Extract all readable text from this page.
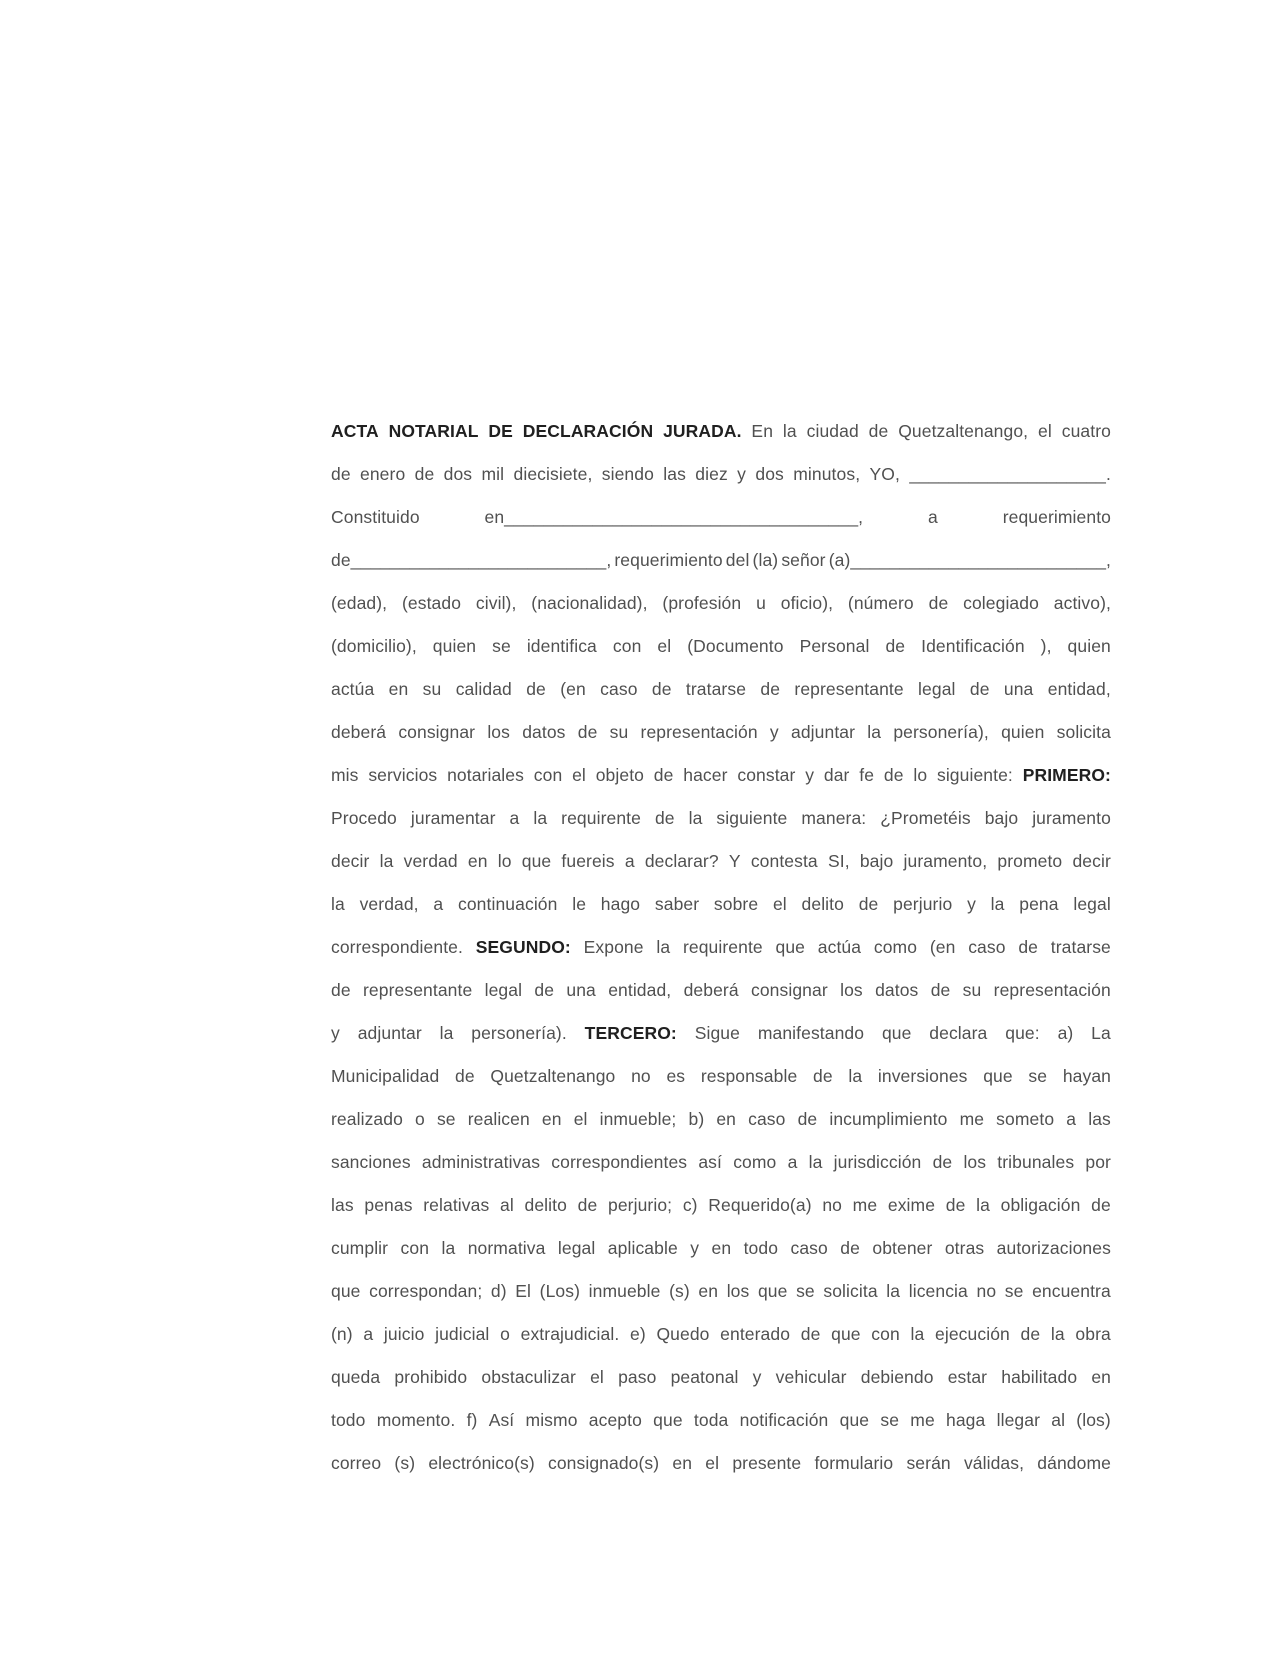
ACTA NOTARIAL DE DECLARACIÓN JURADA. En la ciudad de Quetzaltenango, el cuatro
de enero de dos mil diecisiete, siendo las diez y dos minutos, YO, ____________________.
Constituido	en____________________________________,	a	requerimiento
de__________________________, requerimiento del (la) señor (a)__________________________,
(edad), (estado civil), (nacionalidad), (profesión u oficio), (número de colegiado activo),
(domicilio), quien se identifica con el (Documento Personal de Identificación ), quien
actúa en su calidad de (en caso de tratarse de representante legal de una entidad,
deberá consignar los datos de su representación y adjuntar la personería), quien solicita
mis servicios notariales con el objeto de hacer constar y dar fe de lo siguiente: PRIMERO:
Procedo juramentar a la requirente de la siguiente manera: ¿Prometéis bajo juramento
decir la verdad en lo que fuereis a declarar? Y contesta SI, bajo juramento, prometo decir
la verdad, a continuación le hago saber sobre el delito de perjurio y la pena legal
correspondiente. SEGUNDO: Expone la requirente que actúa como (en caso de tratarse
de representante legal de una entidad, deberá consignar los datos de su representación
y adjuntar la personería). TERCERO: Sigue manifestando que declara que: a) La
Municipalidad de Quetzaltenango no es responsable de la inversiones que se hayan
realizado o se realicen en el inmueble; b) en caso de incumplimiento me someto a las
sanciones administrativas correspondientes así como a la jurisdicción de los tribunales por
las penas relativas al delito de perjurio; c) Requerido(a) no me exime de la obligación de
cumplir con la normativa legal aplicable y en todo caso de obtener otras autorizaciones
que correspondan; d) El (Los) inmueble (s) en los que se solicita la licencia no se encuentra
(n) a juicio judicial o extrajudicial. e) Quedo enterado de que con la ejecución de la obra
queda prohibido obstaculizar el paso peatonal y vehicular debiendo estar habilitado en
todo momento. f) Así mismo acepto que toda notificación que se me haga llegar al (los)
correo (s) electrónico(s) consignado(s) en el presente formulario serán válidas, dándome
